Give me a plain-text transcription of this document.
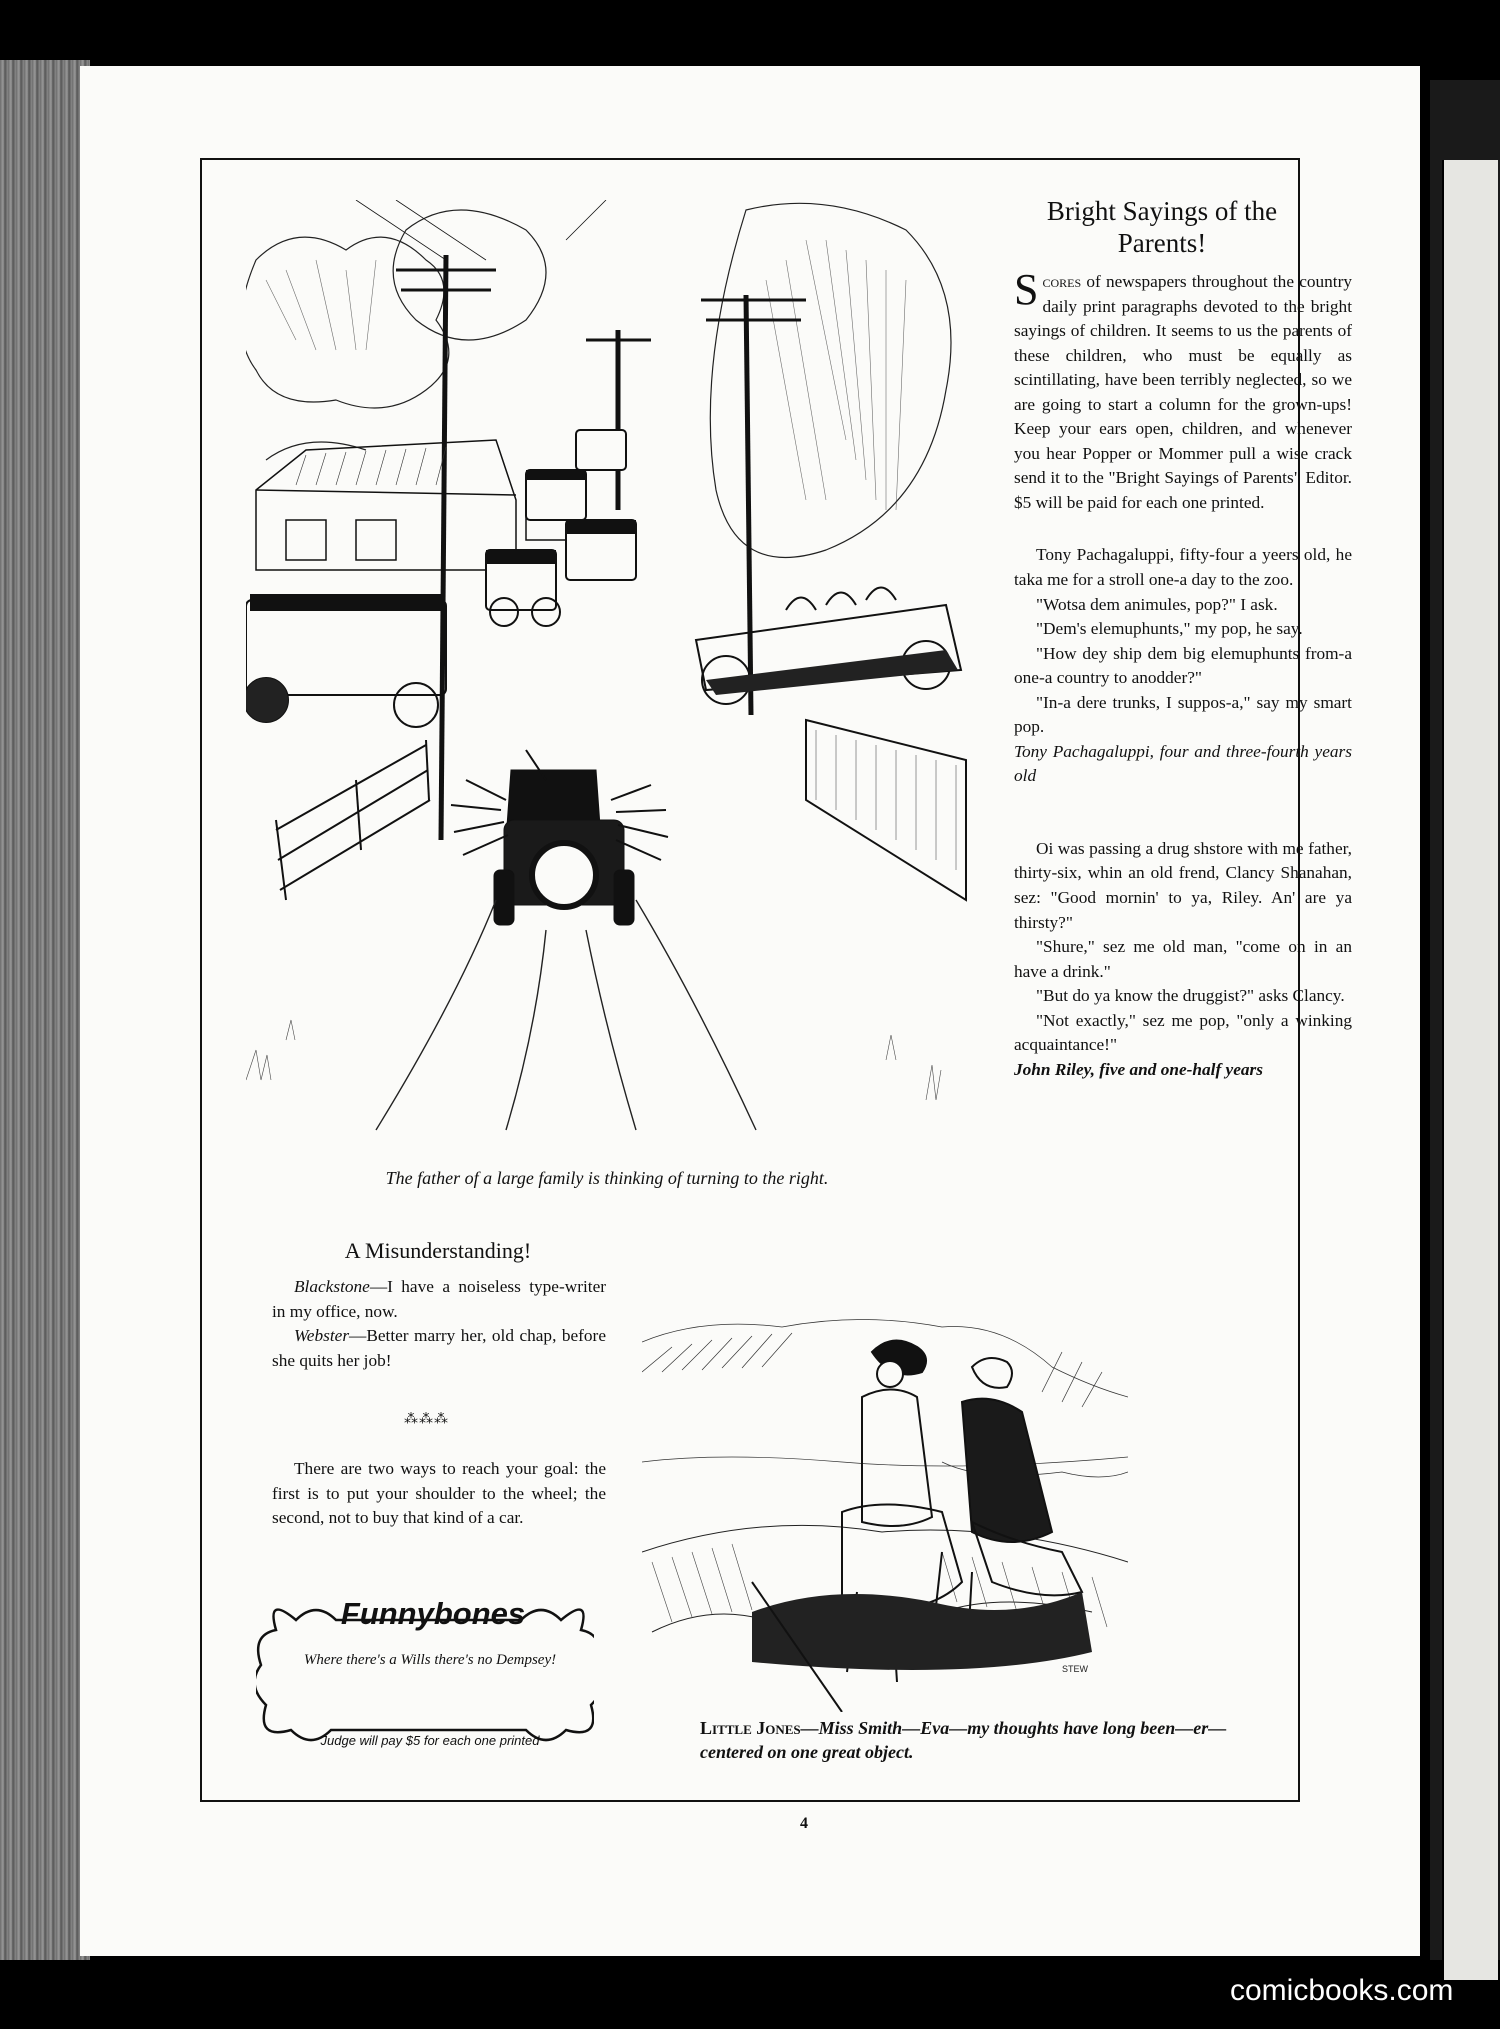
The father of a large family is thinking of turning to the right.
Bright Sayings of the Parents!

Scores of newspapers throughout the country daily print paragraphs devoted to the bright sayings of children. It seems to us the parents of these children, who must be equally as scintillating, have been terribly neglected, so we are going to start a column for the grown-ups! Keep your ears open, children, and whenever you hear Popper or Mommer pull a wise crack send it to the "Bright Sayings of Parents" Editor. $5 will be paid for each one printed.

Tony Pachagaluppi, fifty-four a yeers old, he taka me for a stroll one-a day to the zoo.

"Wotsa dem animules, pop?" I ask.

"Dem's elemuphunts," my pop, he say.

"How dey ship dem big elemuphunts from-a one-a country to anodder?"

"In-a dere trunks, I suppos-a," say my smart pop.

Tony Pachagaluppi, four and three-fourth years old

Oi was passing a drug shstore with me father, thirty-six, whin an old frend, Clancy Shanahan, sez: "Good mornin' to ya, Riley. An' are ya thirsty?"

"Shure," sez me old man, "come on in an have a drink."

"But do ya know the druggist?" asks Clancy.

"Not exactly," sez me pop, "only a winking acquaintance!"

John Riley, five and one-half years

A Misunderstanding!

Blackstone—I have a noiseless type-writer in my office, now.

Webster—Better marry her, old chap, before she quits her job!

⁂⁂⁂

There are two ways to reach your goal: the first is to put your shoulder to the wheel; the second, not to buy that kind of a car.

Funnybones
Where there's a Wills there's no Dempsey!
Judge will pay $5 for each one printed
STEW
Little Jones—Miss Smith—Eva—my thoughts have long been—er—centered on one great object.
4
comicbooks.com
